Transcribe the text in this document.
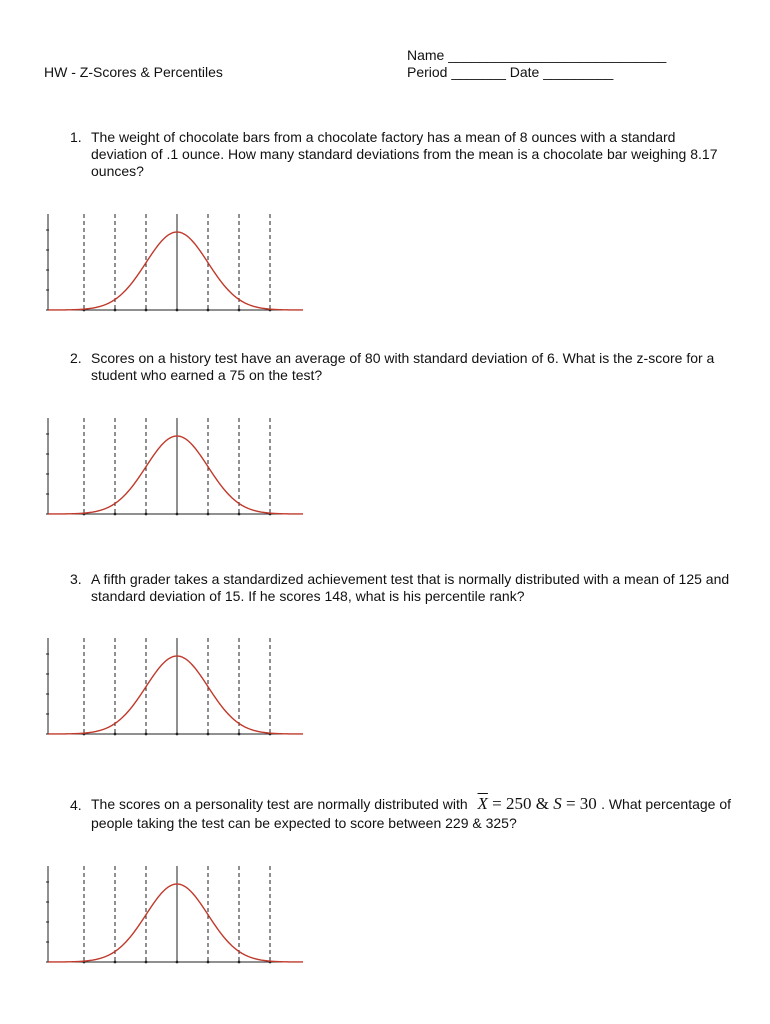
HW - Z-Scores & Percentiles
Name ____________________________
Period _______ Date _________
1. The weight of chocolate bars from a chocolate factory has a mean of 8 ounces with a standard deviation of .1 ounce. How many standard deviations from the mean is a chocolate bar weighing 8.17 ounces?
2. Scores on a history test have an average of 80 with standard deviation of 6. What is the z-score for a student who earned a 75 on the test?
3. A fifth grader takes a standardized achievement test that is normally distributed with a mean of 125 and standard deviation of 15. If he scores 148, what is his percentile rank?
4. The scores on a personality test are normally distributed with $\overline{X} = 250$ & S = 30 . What percentage of
people taking the test can be expected to score between 229 & 325?
